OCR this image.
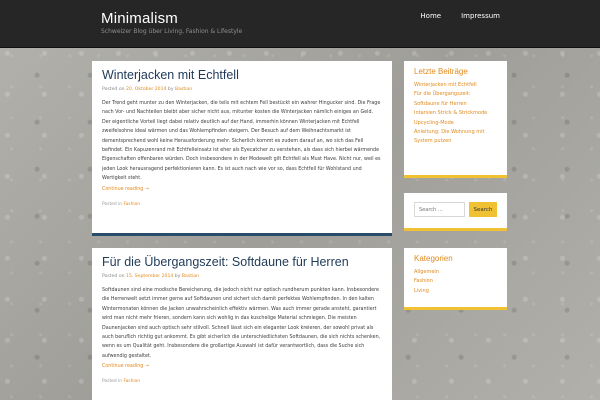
Minimalism
Schweizer Blog über Living, Fashion & Lifestyle
Home	Impressum
Winterjacken mit Echtfell
Posted on 20. Oktober 2014 by Bastian
Der Trend geht munter zu den Winterjacken, die teils mit echtem Fell bestückt ein wahrer Hingucker sind. Die Frage nach Vor- und Nachteilen bleibt aber sicher nicht aus, mitunter kosten die Winterjacken nämlich einiges an Geld. Der eigentliche Vorteil liegt dabei relativ deutlich auf der Hand, immerhin können Winterjacken mit Echtfell zweifelsohne ideal wärmen und das Wohlempfinden steigern. Der Besuch auf dem Weihnachtsmarkt ist dementsprechend wohl keine Herausforderung mehr. Sicherlich kommt es zudem darauf an, wo sich das Fell befindet. Ein Kapuzenrand mit Echtfelleinsatz ist eher als Eyecatcher zu verstehen, als dass sich hierbei wärmende Eigenschaften offenbaren würden. Doch insbesondere in der Modewelt gilt Echtfell als Must Have. Nicht nur, weil es jeden Look herausragend perfektionieren kann. Es ist auch nach wie vor so, dass Echtfell für Wohlstand und Wertigkeit steht.
Continue reading →
Posted in Fashion
Für die Übergangszeit: Softdaune für Herren
Posted on 15. September 2014 by Bastian
Softdaunen sind eine modische Bereicherung, die jedoch nicht nur optisch rundherum punkten kann. Insbesondere die Herrenwelt setzt immer gerne auf Softdaunen und sichert sich damit perfektes Wohlempfinden. In den kalten Wintermonaten können die Jacken unwahrscheinlich effektiv wärmen. Was auch immer gerade ansteht, garantiert wird man nicht mehr frieren, sondern kann sich wohlig in das kuschelige Material schmiegen. Die meisten Daunenjacken sind auch optisch sehr stilvoll. Schnell lässt sich ein eleganter Look kreieren, der sowohl privat als auch beruflich richtig gut ankommt. Es gibt sicherlich die unterschiedlichsten Softdaunen, die sich nichts schenken, wenn es um Qualität geht. Insbesondere die großartige Auswahl ist dafür verantwortlich, dass die Suche sich aufwendig gestaltet.
Continue reading →
Posted in Fashion
Letzte Beiträge
Winterjacken mit Echtfell
Für die Übergangszeit: Softdaune für Herren
Intarsien Strick & Strickmode
Upcycling-Mode
Anleitung: Die Wohnung mit System putzen
Search …
Search
Kategorien
Allgemein
Fashion
Living
